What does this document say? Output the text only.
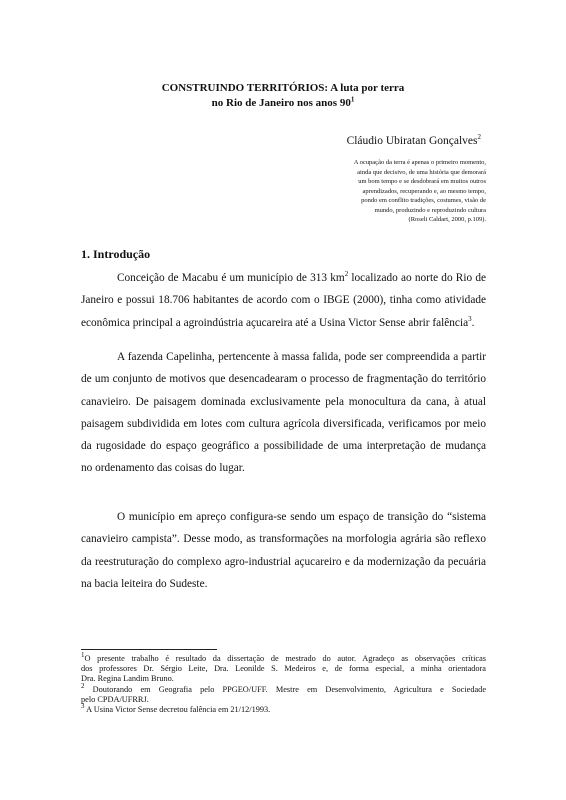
CONSTRUINDO TERRITÓRIOS: A luta por terra
no Rio de Janeiro nos anos $90^1$
Cláudio Ubiratan Gonçalves$^2$
A ocupação da terra é apenas o primeiro momento,
ainda que decisivo, de uma história que demorará
um bom tempo e se desdobrará em muitos outros
aprendizados, recuperando e, ao mesmo tempo,
pondo em conflito tradições, costumes, visão de
mundo, produzindo e reproduzindo cultura
(Roseli Caldart, 2000, p.109).
1. Introdução
Conceição de Macabu é um município de 313 $km^2$ localizado ao norte do Rio de
Janeiro e possui 18.706 habitantes de acordo com o IBGE (2000), tinha como atividade
econômica principal a agroindústria açucareira até a Usina Victor Sense abrir falência$^3$.
A fazenda Capelinha, pertencente à massa falida, pode ser compreendida a partir
de um conjunto de motivos que desencadearam o processo de fragmentação do território
canavieiro. De paisagem dominada exclusivamente pela monocultura da cana, à atual
paisagem subdividida em lotes com cultura agrícola diversificada, verificamos por meio
da rugosidade do espaço geográfico a possibilidade de uma interpretação de mudança
no ordenamento das coisas do lugar.
O município em apreço configura-se sendo um espaço de transição do “sistema
canavieiro campista”. Desse modo, as transformações na morfologia agrária são reflexo
da reestruturação do complexo agro-industrial açucareiro e da modernização da pecuária
na bacia leiteira do Sudeste.
$^1$O presente trabalho é resultado da dissertação de mestrado do autor. Agradeço as observações críticas
dos professores Dr. Sérgio Leite, Dra. Leonilde S. Medeiros e, de forma especial, a minha orientadora
Dra. Regina Landim Bruno.
$^2$ Doutorando em Geografia pelo PPGEO/UFF. Mestre em Desenvolvimento, Agricultura e Sociedade
pelo CPDA/UFRRJ.
$^3$ A Usina Victor Sense decretou falência em 21/12/1993.
